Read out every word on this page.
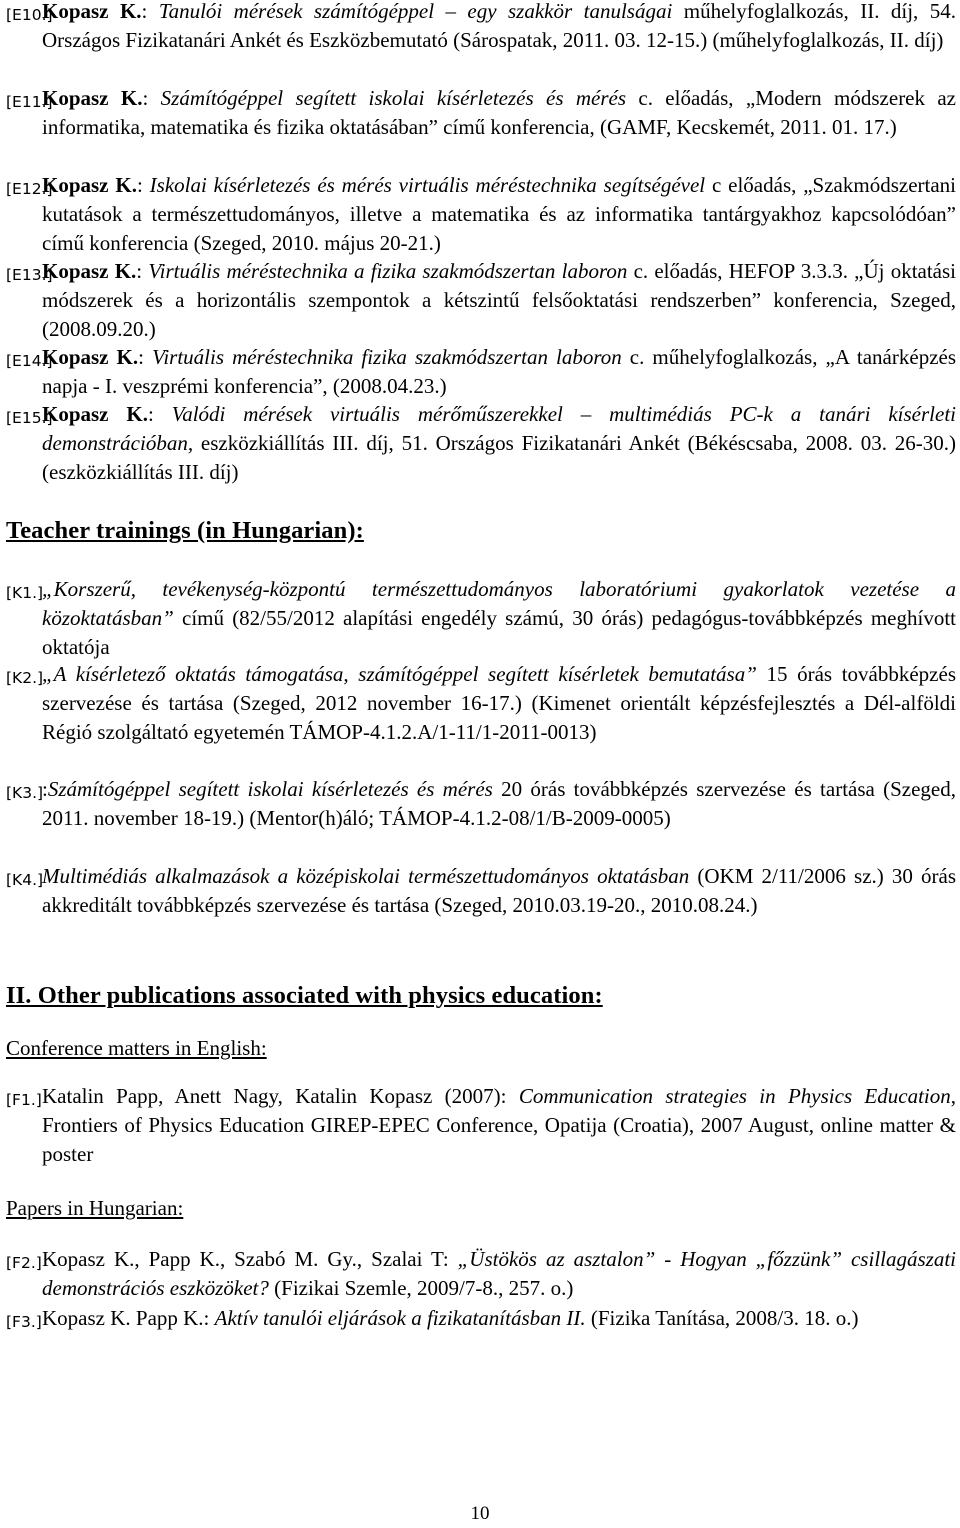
[E10.]
Kopasz K.: Tanulói mérések számítógéppel – egy szakkör tanulságai műhelyfoglalkozás, II. díj, 54. Országos Fizikatanári Ankét és Eszközbemutató (Sárospatak, 2011. 03. 12-15.) (műhelyfoglalkozás, II. díj)
[E11.]
Kopasz K.: Számítógéppel segített iskolai kísérletezés és mérés c. előadás, „Modern módszerek az informatika, matematika és fizika oktatásában” című konferencia, (GAMF, Kecskemét, 2011. 01. 17.)
[E12.]
Kopasz K.: Iskolai kísérletezés és mérés virtuális méréstechnika segítségével c előadás, „Szakmódszertani kutatások a természettudományos, illetve a matematika és az informatika tantárgyakhoz kapcsolódóan” című konferencia (Szeged, 2010. május 20-21.)
[E13.]
Kopasz K.: Virtuális méréstechnika a fizika szakmódszertan laboron c. előadás, HEFOP 3.3.3. „Új oktatási módszerek és a horizontális szempontok a kétszintű felsőoktatási rendszerben” konferencia, Szeged, (2008.09.20.)
[E14.]
Kopasz K.: Virtuális méréstechnika fizika szakmódszertan laboron c. műhelyfoglalkozás, „A tanárképzés napja - I. veszprémi konferencia”, (2008.04.23.)
[E15.]
Kopasz K.: Valódi mérések virtuális mérőműszerekkel – multimédiás PC-k a tanári kísérleti demonstrációban, eszközkiállítás III. díj, 51. Országos Fizikatanári Ankét (Békéscsaba, 2008. 03. 26-30.) (eszközkiállítás III. díj)
Teacher trainings (in Hungarian):
[K1.]
„Korszerű, tevékenység-központú természettudományos laboratóriumi gyakorlatok vezetése a közoktatásban” című (82/55/2012 alapítási engedély számú, 30 órás) pedagógus-továbbképzés meghívott oktatója
[K2.]
„A kísérletező oktatás támogatása, számítógéppel segített kísérletek bemutatása” 15 órás továbbképzés szervezése és tartása (Szeged, 2012 november 16-17.) (Kimenet orientált képzésfejlesztés a Dél-alföldi Régió szolgáltató egyetemén TÁMOP-4.1.2.A/1-11/1-2011-0013)
[K3.]
:Számítógéppel segített iskolai kísérletezés és mérés 20 órás továbbképzés szervezése és tartása (Szeged, 2011. november 18-19.) (Mentor(h)áló; TÁMOP-4.1.2-08/1/B-2009-0005)
[K4.]
Multimédiás alkalmazások a középiskolai természettudományos oktatásban (OKM 2/11/2006 sz.) 30 órás akkreditált továbbképzés szervezése és tartása (Szeged, 2010.03.19-20., 2010.08.24.)
II. Other publications associated with physics education:
Conference matters in English:
[F1.] Katalin Papp, Anett Nagy, Katalin Kopasz (2007): Communication strategies in Physics Education, Frontiers of Physics Education GIREP-EPEC Conference, Opatija (Croatia), 2007 August, online matter & poster
Papers in Hungarian:
[F2.] Kopasz K., Papp K., Szabó M. Gy., Szalai T: „Üstökös az asztalon” - Hogyan „főzzünk” csillagászati demonstrációs eszközöket? (Fizikai Szemle, 2009/7-8., 257. o.)
[F3.] Kopasz K. Papp K.: Aktív tanulói eljárások a fizikatanításban II. (Fizika Tanítása, 2008/3. 18. o.)
10
